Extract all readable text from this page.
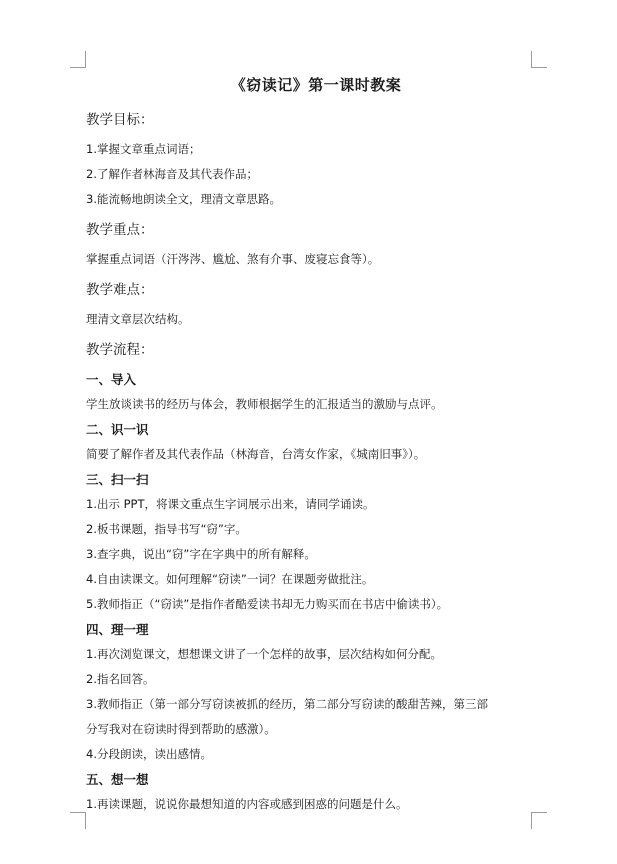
《窃读记》第一课时教案
教学目标：
1.掌握文章重点词语；
2.了解作者林海音及其代表作品；
3.能流畅地朗读全文，理清文章思路。
教学重点：
掌握重点词语（汗涔涔、尴尬、煞有介事、废寝忘食等）。
教学难点：
理清文章层次结构。
教学流程：
一、导入
学生放谈读书的经历与体会，教师根据学生的汇报适当的激励与点评。
二、识一识
简要了解作者及其代表作品（林海音，台湾女作家，《城南旧事》）。
三、扫一扫
1.出示 PPT，将课文重点生字词展示出来，请同学诵读。
2.板书课题，指导书写“窃”字。
3.查字典，说出“窃”字在字典中的所有解释。
4.自由读课文。如何理解“窃读”一词？在课题旁做批注。
5.教师指正（“窃读”是指作者酷爱读书却无力购买而在书店中偷读书）。
四、理一理
1.再次浏览课文，想想课文讲了一个怎样的故事，层次结构如何分配。
2.指名回答。
3.教师指正（第一部分写窃读被抓的经历，第二部分写窃读的酸甜苦辣，第三部
分写我对在窃读时得到帮助的感激）。
4.分段朗读，读出感情。
五、想一想
1.再读课题，说说你最想知道的内容或感到困惑的问题是什么。
